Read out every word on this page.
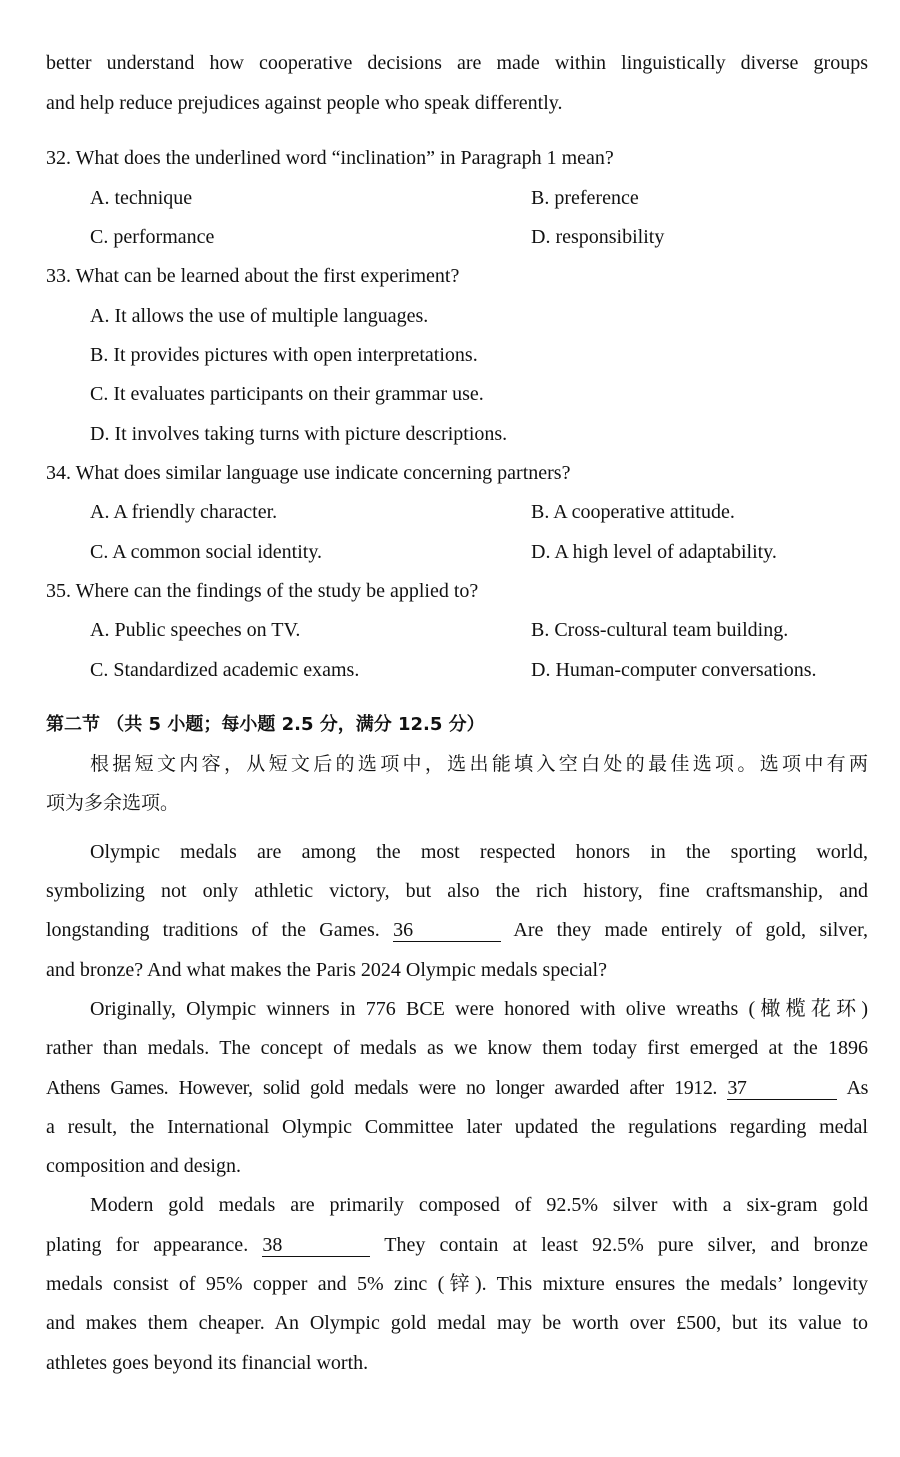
better understand how cooperative decisions are made within linguistically diverse groups
and help reduce prejudices against people who speak differently.
32. What does the underlined word “inclination” in Paragraph 1 mean?
A. technique	B. preference
C. performance	D. responsibility
33. What can be learned about the first experiment?
A. It allows the use of multiple languages.
B. It provides pictures with open interpretations.
C. It evaluates participants on their grammar use.
D. It involves taking turns with picture descriptions.
34. What does similar language use indicate concerning partners?
A. A friendly character.	B. A cooperative attitude.
C. A common social identity.	D. A high level of adaptability.
35. Where can the findings of the study be applied to?
A. Public speeches on TV.	B. Cross-cultural team building.
C. Standardized academic exams.	D. Human-computer conversations.
第二节 （共 5 小题；每小题 2.5 分，满分 12.5 分）
根据短文内容，从短文后的选项中，选出能填入空白处的最佳选项。选项中有两
项为多余选项。
Olympic medals are among the most respected honors in the sporting world,
symbolizing not only athletic victory, but also the rich history, fine craftsmanship, and
longstanding traditions of the Games. 36	Are they made entirely of gold, silver,
and bronze? And what makes the Paris 2024 Olympic medals special?
Originally, Olympic winners in 776 BCE were honored with olive wreaths (橄榄花环)
rather than medals. The concept of medals as we know them today first emerged at the 1896
Athens Games. However, solid gold medals were no longer awarded after 1912. 37	As
a result, the International Olympic Committee later updated the regulations regarding medal
composition and design.
Modern gold medals are primarily composed of 92.5% silver with a six-gram gold
plating for appearance. 38	They contain at least 92.5% pure silver, and bronze
medals consist of 95% copper and 5% zinc (锌). This mixture ensures the medals’ longevity
and makes them cheaper. An Olympic gold medal may be worth over £500, but its value to
athletes goes beyond its financial worth.
